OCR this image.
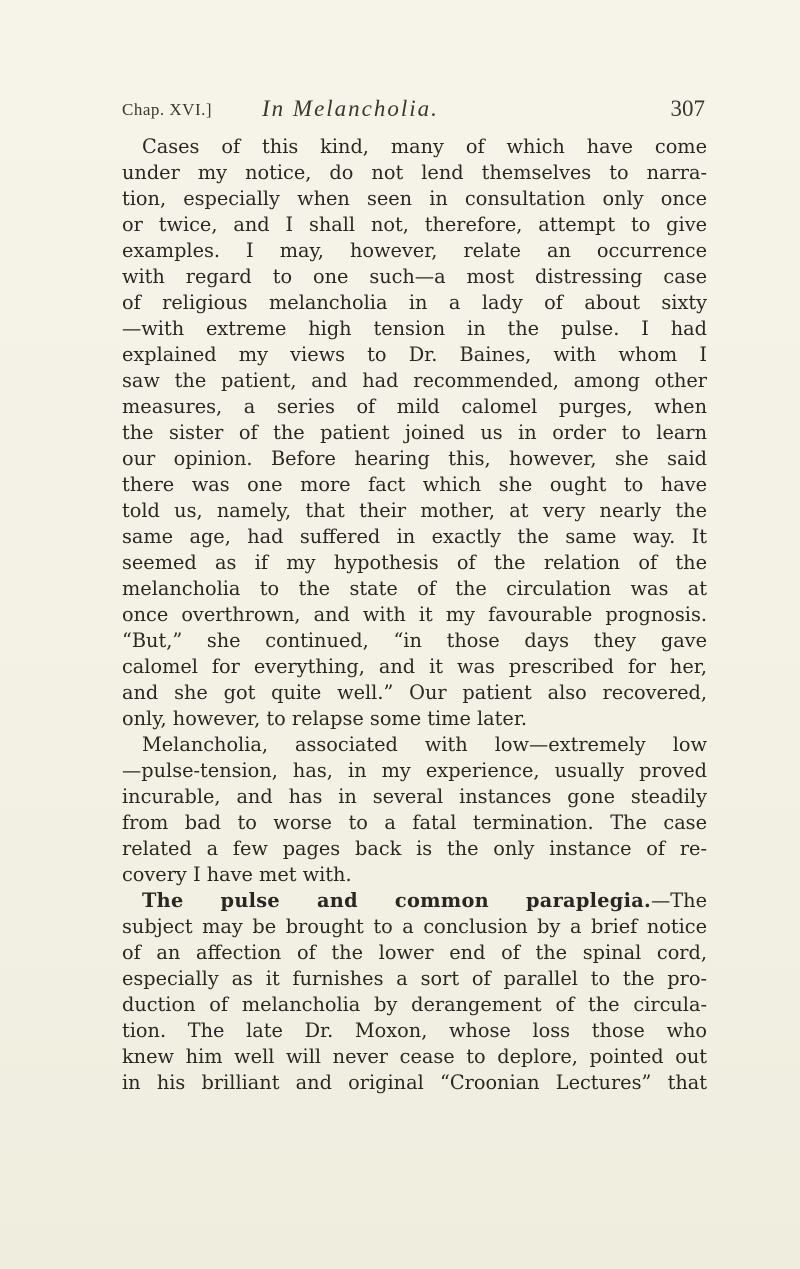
Chap. XVI.] In Melancholia.	307
Cases of this kind, many of which have come
under my notice, do not lend themselves to narra-
tion, especially when seen in consultation only once
or twice, and I shall not, therefore, attempt to give
examples. I may, however, relate an occurrence
with regard to one such—a most distressing case
of religious melancholia in a lady of about sixty
—with extreme high tension in the pulse. I had
explained my views to Dr. Baines, with whom I
saw the patient, and had recommended, among other
measures, a series of mild calomel purges, when
the sister of the patient joined us in order to learn
our opinion. Before hearing this, however, she said
there was one more fact which she ought to have
told us, namely, that their mother, at very nearly the
same age, had suffered in exactly the same way. It
seemed as if my hypothesis of the relation of the
melancholia to the state of the circulation was at
once overthrown, and with it my favourable prognosis.
“But,” she continued, “in those days they gave
calomel for everything, and it was prescribed for her,
and she got quite well.” Our patient also recovered,
only, however, to relapse some time later.
Melancholia, associated with low—extremely low
—pulse-tension, has, in my experience, usually proved
incurable, and has in several instances gone steadily
from bad to worse to a fatal termination. The case
related a few pages back is the only instance of re-
covery I have met with.
The pulse and common paraplegia.—The
subject may be brought to a conclusion by a brief notice
of an affection of the lower end of the spinal cord,
especially as it furnishes a sort of parallel to the pro-
duction of melancholia by derangement of the circula-
tion. The late Dr. Moxon, whose loss those who
knew him well will never cease to deplore, pointed out
in his brilliant and original “Croonian Lectures” that
